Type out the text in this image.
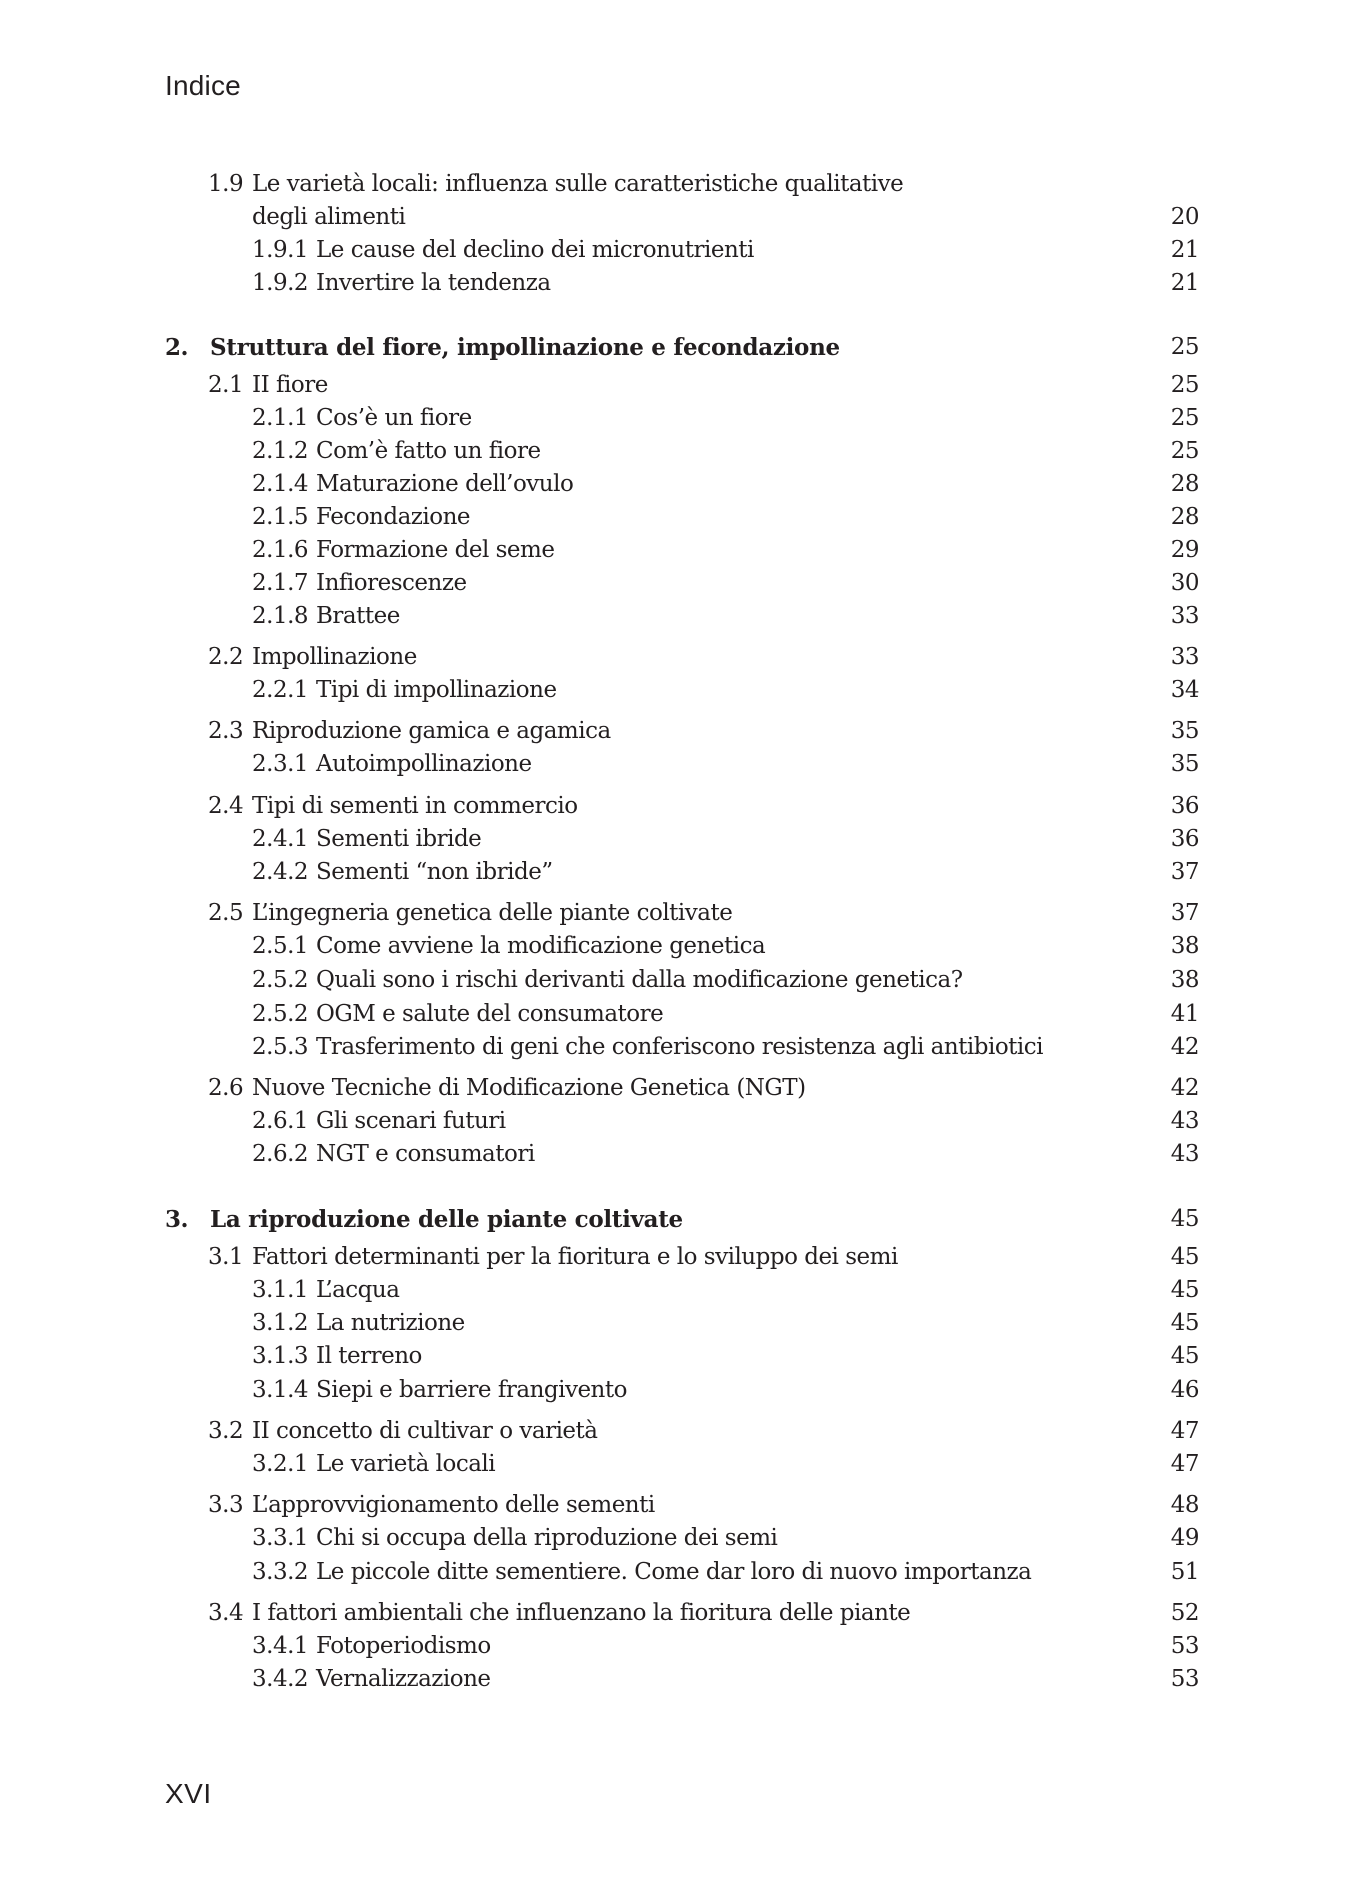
Indice
1.9 Le varietà locali: influenza sulle caratteristiche qualitative
degli alimenti	20
1.9.1 Le cause del declino dei micronutrienti	21
1.9.2 Invertire la tendenza	21
2. Struttura del fiore, impollinazione e fecondazione	25
2.1 II fiore	25
2.1.1 Cos’è un fiore	25
2.1.2 Com’è fatto un fiore	25
2.1.4 Maturazione dell’ovulo	28
2.1.5 Fecondazione	28
2.1.6 Formazione del seme	29
2.1.7 Infiorescenze	30
2.1.8 Brattee	33
2.2 Impollinazione	33
2.2.1 Tipi di impollinazione	34
2.3 Riproduzione gamica e agamica	35
2.3.1 Autoimpollinazione	35
2.4 Tipi di sementi in commercio	36
2.4.1 Sementi ibride	36
2.4.2 Sementi “non ibride”	37
2.5 L’ingegneria genetica delle piante coltivate	37
2.5.1 Come avviene la modificazione genetica	38
2.5.2 Quali sono i rischi derivanti dalla modificazione genetica?	38
2.5.2 OGM e salute del consumatore	41
2.5.3 Trasferimento di geni che conferiscono resistenza agli antibiotici	42
2.6 Nuove Tecniche di Modificazione Genetica (NGT)	42
2.6.1 Gli scenari futuri	43
2.6.2 NGT e consumatori	43
3. La riproduzione delle piante coltivate	45
3.1 Fattori determinanti per la fioritura e lo sviluppo dei semi	45
3.1.1 L’acqua	45
3.1.2 La nutrizione	45
3.1.3 Il terreno	45
3.1.4 Siepi e barriere frangivento	46
3.2 II concetto di cultivar o varietà	47
3.2.1 Le varietà locali	47
3.3 L’approvvigionamento delle sementi	48
3.3.1 Chi si occupa della riproduzione dei semi	49
3.3.2 Le piccole ditte sementiere. Come dar loro di nuovo importanza	51
3.4 I fattori ambientali che influenzano la fioritura delle piante	52
3.4.1 Fotoperiodismo	53
3.4.2 Vernalizzazione	53
XVI
